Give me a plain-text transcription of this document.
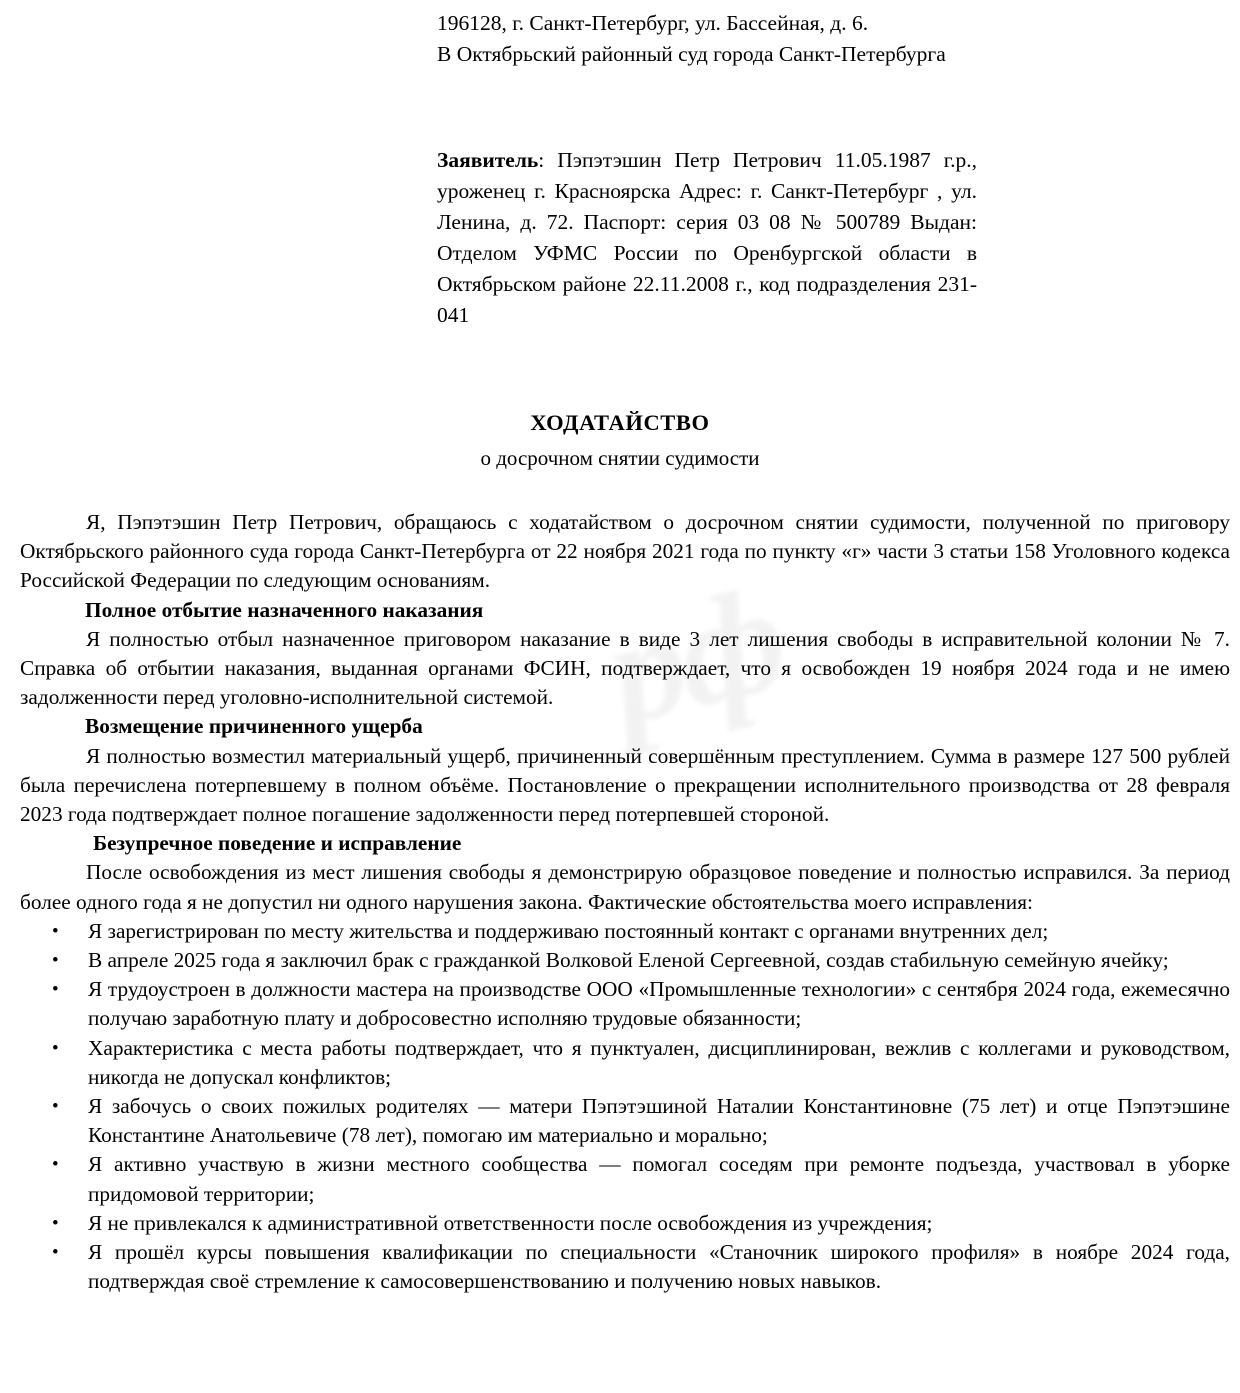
рф
196128, г. Санкт-Петербург, ул. Бассейная, д. 6.
В Октябрьский районный суд города Санкт-Петербурга
Заявитель: Пэпэтэшин Петр Петрович 11.05.1987 г.р., уроженец г. Красноярска Адрес: г. Санкт-Петербург , ул. Ленина, д. 72. Паспорт: серия 03 08 № 500789 Выдан: Отделом УФМС России по Оренбургской области в Октябрьском районе 22.11.2008 г., код подразделения 231-041
ХОДАТАЙСТВО
о досрочном снятии судимости

Я, Пэпэтэшин Петр Петрович, обращаюсь с ходатайством о досрочном снятии судимости, полученной по приговору Октябрьского районного суда города Санкт-Петербурга от 22 ноября 2021 года по пункту «г» части 3 статьи 158 Уголовного кодекса Российской Федерации по следующим основаниям.

Полное отбытие назначенного наказания

Я полностью отбыл назначенное приговором наказание в виде 3 лет лишения свободы в исправительной колонии № 7. Справка об отбытии наказания, выданная органами ФСИН, подтверждает, что я освобожден 19 ноября 2024 года и не имею задолженности перед уголовно-исполнительной системой.

Возмещение причиненного ущерба

Я полностью возместил материальный ущерб, причиненный совершённым преступлением. Сумма в размере 127 500 рублей была перечислена потерпевшему в полном объёме. Постановление о прекращении исполнительного производства от 28 февраля 2023 года подтверждает полное погашение задолженности перед потерпевшей стороной.

Безупречное поведение и исправление

После освобождения из мест лишения свободы я демонстрирую образцовое поведение и полностью исправился. За период более одного года я не допустил ни одного нарушения закона. Фактические обстоятельства моего исправления:

• Я зарегистрирован по месту жительства и поддерживаю постоянный контакт с органами внутренних дел;
• В апреле 2025 года я заключил брак с гражданкой Волковой Еленой Сергеевной, создав стабильную семейную ячейку;
• Я трудоустроен в должности мастера на производстве ООО «Промышленные технологии» с сентября 2024 года, ежемесячно получаю заработную плату и добросовестно исполняю трудовые обязанности;
• Характеристика с места работы подтверждает, что я пунктуален, дисциплинирован, вежлив с коллегами и руководством, никогда не допускал конфликтов;
• Я забочусь о своих пожилых родителях — матери Пэпэтэшиной Наталии Константиновне (75 лет) и отце Пэпэтэшине Константине Анатольевиче (78 лет), помогаю им материально и морально;
• Я активно участвую в жизни местного сообщества — помогал соседям при ремонте подъезда, участвовал в уборке придомовой территории;
• Я не привлекался к административной ответственности после освобождения из учреждения;
• Я прошёл курсы повышения квалификации по специальности «Станочник широкого профиля» в ноябре 2024 года, подтверждая своё стремление к самосовершенствованию и получению новых навыков.
